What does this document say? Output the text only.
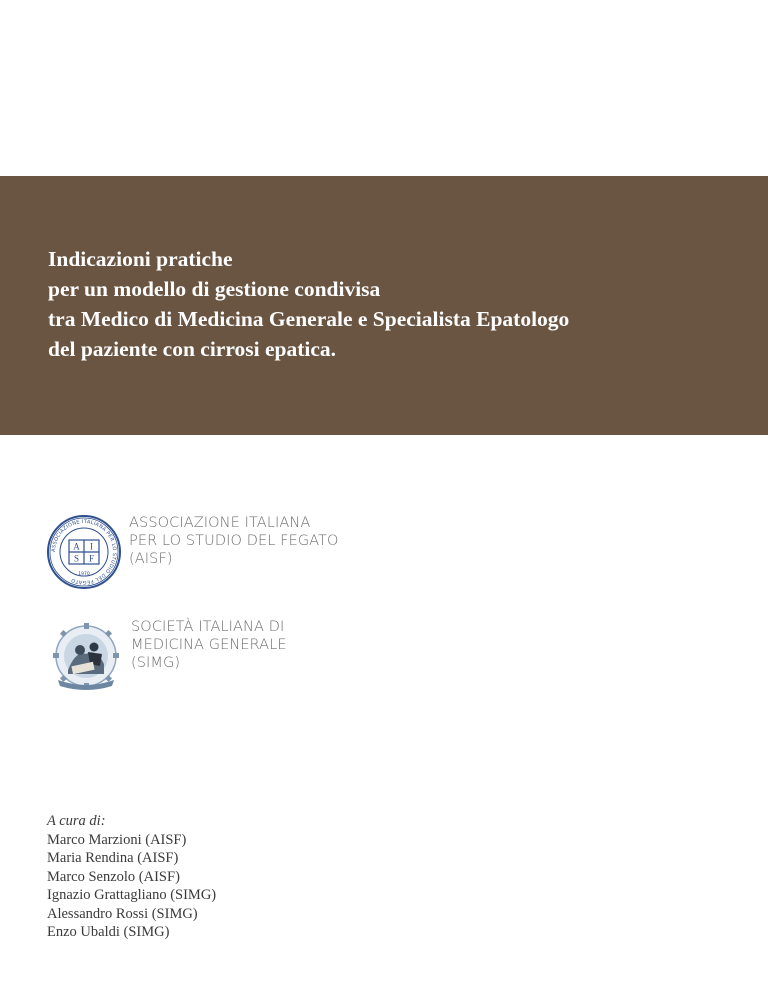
Indicazioni pratiche
per un modello di gestione condivisa
tra Medico di Medicina Generale e Specialista Epatologo
del paziente con cirrosi epatica.
ASSOCIAZIONE ITALIANA PER LO STUDIO DEL FEGATO
A I
S F
1970
ASSOCIAZIONE ITALIANA
PER LO STUDIO DEL FEGATO
(AISF)
SOCIETÀ ITALIANA DI
MEDICINA GENERALE
(SIMG)
A cura di:
Marco Marzioni (AISF)
Maria Rendina (AISF)
Marco Senzolo (AISF)
Ignazio Grattagliano (SIMG)
Alessandro Rossi (SIMG)
Enzo Ubaldi (SIMG)
